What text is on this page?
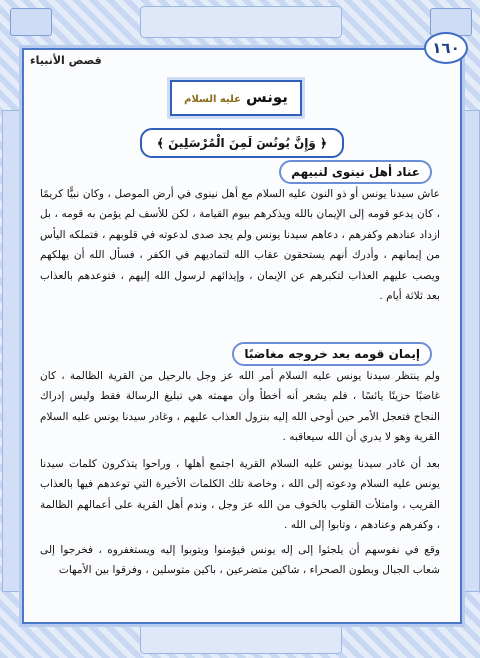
١٦٠
قصص الأنبياء
يونس عليه السلام
﴿ وَإِنَّ يُونُسَ لَمِنَ الْمُرْسَلِينَ ﴾
عناد أهل نينوى لنبيهم
عاش سيدنا يونس أو ذو النون عليه السلام مع أهل نينوى في أرض الموصل ، وكان نبيًّا كريمًا ، كان يدعو قومه إلى الإيمان بالله ويذكرهم بيوم القيامة ، لكن للأسف لم يؤمن به قومه ، بل ازداد عنادهم وكفرهم ، دعاهم سيدنا يونس ولم يجد صدى لدعوته في قلوبهم ، فتملكه اليأس من إيمانهم ، وأدرك أنهم يستحقون عقاب الله لتماديهم في الكفر ، فسأل الله أن يهلكهم ويصب عليهم العذاب لتكبرهم عن الإيمان ، وإيذائهم لرسول الله إليهم ، فتوعدهم بالعذاب بعد ثلاثة أيام .
إيمان قومه بعد خروجه مغاضبًا
ولم ينتظر سيدنا يونس عليه السلام أمر الله عز وجل بالرحيل من القرية الظالمة ، كان غاضبًا حزينًا يائسًا ، فلم يشعر أنه أخطأ وأن مهمته هي تبليغ الرسالة فقط وليس إدراك النجاح فتعجل الأمر حين أوحى الله إليه بنزول العذاب عليهم ، وغادر سيدنا يونس عليه السلام القرية وهو لا يدري أن الله سيعاقبه .
بعد أن غادر سيدنا يونس عليه السلام القرية اجتمع أهلها ، وراحوا يتذكرون كلمات سيدنا يونس عليه السلام ودعوته إلى الله ، وخاصة تلك الكلمات الأخيرة التي توعدهم فيها بالعذاب القريب ، وامتلأت القلوب بالخوف من الله عز وجل ، وندم أهل القرية على أعمالهم الظالمة ، وكفرهم وعنادهم ، وتابوا إلى الله .
وقع في نفوسهم أن يلجئوا إلى إله يونس فيؤمنوا ويتوبوا إليه ويستغفروه ، فخرجوا إلى شعاب الجبال وبطون الصحراء ، شاكين متضرعين ، باكين متوسلين ، وفرقوا بين الأمهات
